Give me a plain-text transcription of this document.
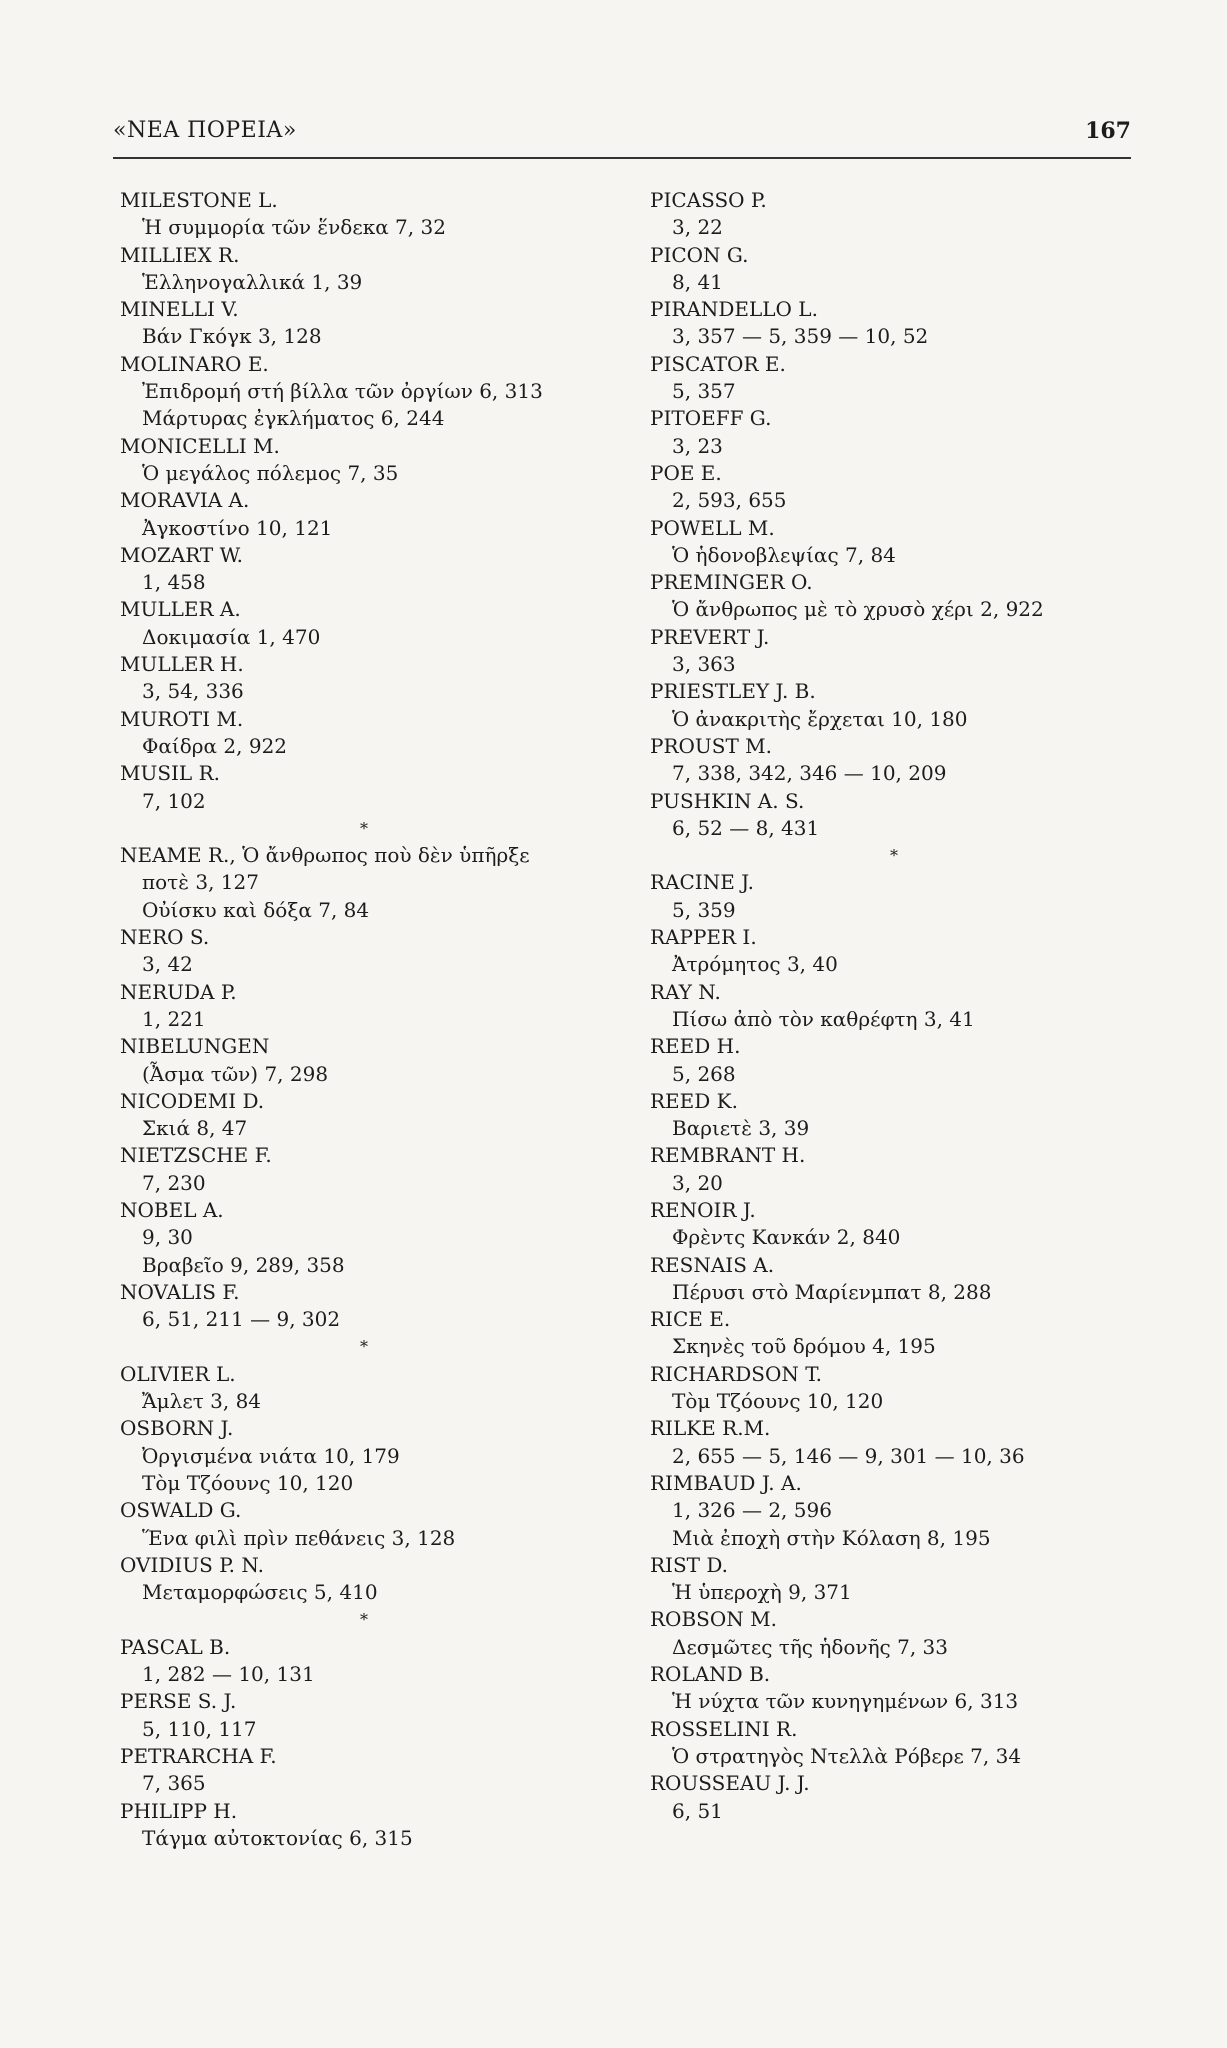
«ΝΕΑ ΠΟΡΕΙΑ»	167
MILESTONE L.
Ἡ συμμορία τῶν ἕνδεκα 7, 32
MILLIEX R.
Ἑλληνογαλλικά 1, 39
MINELLI V.
Βάν Γκόγκ 3, 128
MOLINARO E.
Ἐπιδρομή στή βίλλα τῶν ὀργίων 6, 313
Μάρτυρας ἐγκλήματος 6, 244
MONICELLI M.
Ὁ μεγάλος πόλεμος 7, 35
MORAVIA A.
Ἀγκοστίνο 10, 121
MOZART W.
1, 458
MULLER A.
Δοκιμασία 1, 470
MULLER H.
3, 54, 336
MUROTI M.
Φαίδρα 2, 922
MUSIL R.
7, 102
*
NEAME R., Ὁ ἄνθρωπος ποὺ δὲν ὑπῆρξε
ποτὲ 3, 127
Οὐίσκυ καὶ δόξα 7, 84
NERO S.
3, 42
NERUDA P.
1, 221
NIBELUNGEN
(Ἆσμα τῶν) 7, 298
NICODEMI D.
Σκιά 8, 47
NIETZSCHE F.
7, 230
NOBEL A.
9, 30
Βραβεῖο 9, 289, 358
NOVALIS F.
6, 51, 211 — 9, 302
*
OLIVIER L.
Ἄμλετ 3, 84
OSBORN J.
Ὀργισμένα νιάτα 10, 179
Τὸμ Τζόουνς 10, 120
OSWALD G.
Ἕνα φιλὶ πρὶν πεθάνεις 3, 128
OVIDIUS P. N.
Μεταμορφώσεις 5, 410
*
PASCAL B.
1, 282 — 10, 131
PERSE S. J.
5, 110, 117
PETRARCHA F.
7, 365
PHILIPP H.
Τάγμα αὐτοκτονίας 6, 315
PICASSO P.
3, 22
PICON G.
8, 41
PIRANDELLO L.
3, 357 — 5, 359 — 10, 52
PISCATOR E.
5, 357
PITOEFF G.
3, 23
POE E.
2, 593, 655
POWELL M.
Ὁ ἡδονοβλεψίας 7, 84
PREMINGER O.
Ὁ ἄνθρωπος μὲ τὸ χρυσὸ χέρι 2, 922
PREVERT J.
3, 363
PRIESTLEY J. B.
Ὁ ἀνακριτὴς ἔρχεται 10, 180
PROUST M.
7, 338, 342, 346 — 10, 209
PUSHKIN A. S.
6, 52 — 8, 431
*
RACINE J.
5, 359
RAPPER I.
Ἀτρόμητος 3, 40
RAY N.
Πίσω ἀπὸ τὸν καθρέφτη 3, 41
REED H.
5, 268
REED K.
Βαριετὲ 3, 39
REMBRANT H.
3, 20
RENOIR J.
Φρὲντς Κανκάν 2, 840
RESNAIS A.
Πέρυσι στὸ Μαρίενμπατ 8, 288
RICE E.
Σκηνὲς τοῦ δρόμου 4, 195
RICHARDSON T.
Τὸμ Τζόουνς 10, 120
RILKE R.M.
2, 655 — 5, 146 — 9, 301 — 10, 36
RIMBAUD J. A.
1, 326 — 2, 596
Μιὰ ἐποχὴ στὴν Κόλαση 8, 195
RIST D.
Ἡ ὑπεροχὴ 9, 371
ROBSON M.
Δεσμῶτες τῆς ἡδονῆς 7, 33
ROLAND B.
Ἡ νύχτα τῶν κυνηγημένων 6, 313
ROSSELINI R.
Ὁ στρατηγὸς Ντελλὰ Ρόβερε 7, 34
ROUSSEAU J. J.
6, 51
